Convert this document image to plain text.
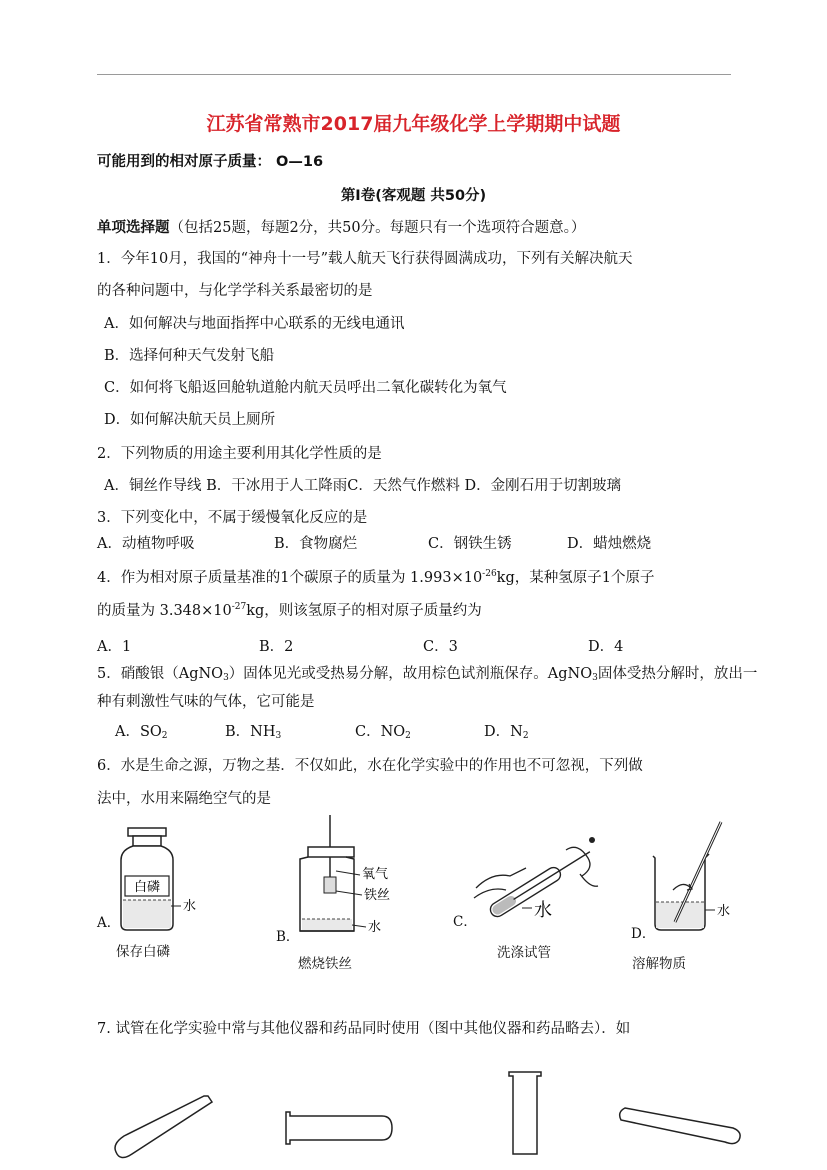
江苏省常熟市2017届九年级化学上学期期中试题
可能用到的相对原子质量： O—16
第Ⅰ卷(客观题 共50分)
单项选择题（包括25题，每题2分，共50分。每题只有一个选项符合题意。）
1．今年10月，我国的“神舟十一号”载人航天飞行获得圆满成功，下列有关解决航天
的各种问题中，与化学学科关系最密切的是
A．如何解决与地面指挥中心联系的无线电通讯
B．选择何种天气发射飞船
C．如何将飞船返回舱轨道舱内航天员呼出二氧化碳转化为氧气
D．如何解决航天员上厕所
2．下列物质的用途主要利用其化学性质的是
A．铜丝作导线 B．干冰用于人工降雨C．天然气作燃料 D．金刚石用于切割玻璃
3．下列变化中，不属于缓慢氧化反应的是
A．动植物呼吸	B．食物腐烂	C．钢铁生锈	D．蜡烛燃烧
4．作为相对原子质量基准的1个碳原子的质量为 $1.993\times 10^{-26}kg$，某种氢原子1个原子
的质量为 $3.348\times 10^{-27}kg$，则该氢原子的相对原子质量约为
A．1	B．2	C．3	D．4
5．硝酸银（AgNO$_3$）固体见光或受热易分解，故用棕色试剂瓶保存。AgNO$_3$固体受热分解时，放出一
种有刺激性气味的气体，它可能是
A．$SO_2$	B．$NH_3$	C．$NO_2$	D．$N_2$
6．水是生命之源，万物之基．不仅如此，水在化学实验中的作用也不可忽视，下列做
法中，水用来隔绝空气的是
白磷
水
A．
保存白磷
氧气
铁丝
水
B．
燃烧铁丝
水
C．
洗涤试管
水
D．
溶解物质
7. 试管在化学实验中常与其他仪器和药品同时使用（图中其他仪器和药品略去）．如
